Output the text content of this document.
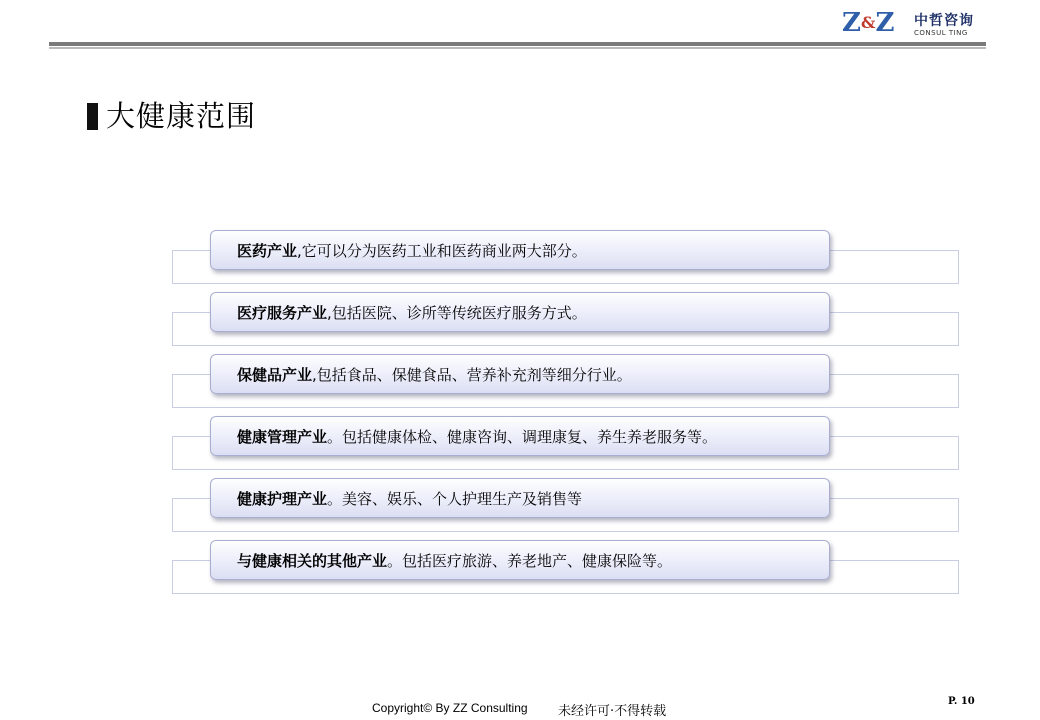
Z&Z 中哲咨询
CONSUL TING
大健康范围
医药产业 ,它可以分为医药工业和医药商业两大部分。
医疗服务产业 ,包括医院、诊所等传统医疗服务方式。
保健品产业 ,包括食品、保健食品、营养补充剂等细分行业。
健康管理产业 。包括健康体检、健康咨询、调理康复、养生养老服务等。
健康护理产业 。美容、娱乐、个人护理生产及销售等
与健康相关的其他产业 。包括医疗旅游、养老地产、健康保险等。
Copyright© By ZZ Consulting 未经许可·不得转载
P. 10
